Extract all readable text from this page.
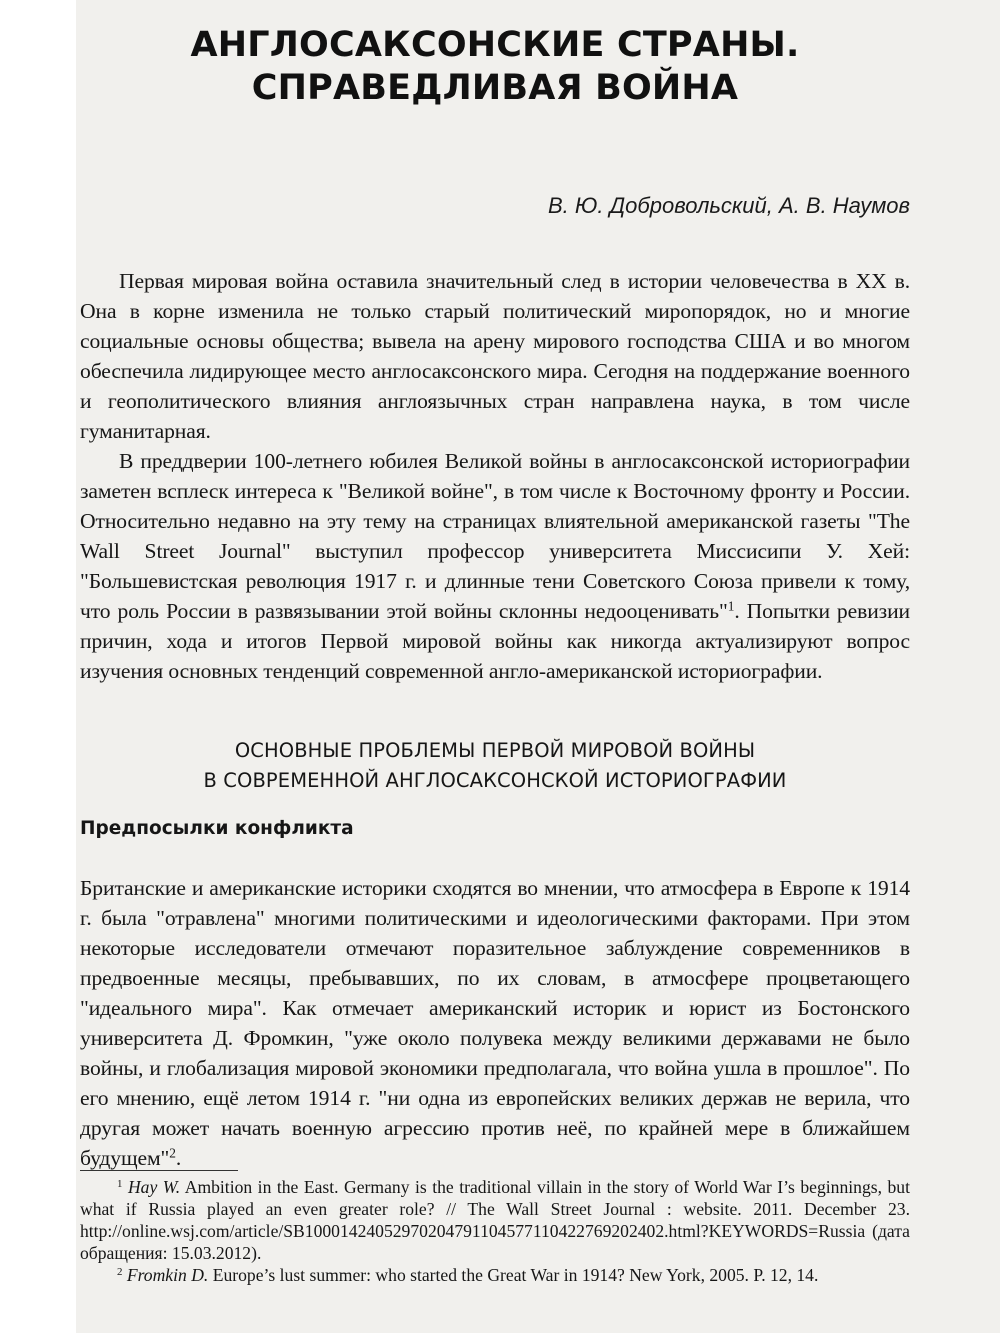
АНГЛОСАКСОНСКИЕ СТРАНЫ.
СПРАВЕДЛИВАЯ ВОЙНА

В. Ю. Добровольский, А. В. Наумов

Первая мировая война оставила значительный след в истории человечества в XX в. Она в корне изменила не только старый политический миропорядок, но и многие социальные основы общества; вывела на арену мирового господства США и во многом обеспечила лидирующее место англосаксонского мира. Сегодня на поддержание военного и геополитического влияния англоязычных стран направлена наука, в том числе гуманитарная.

В преддверии 100-летнего юбилея Великой войны в англосаксонской историографии заметен всплеск интереса к "Великой войне", в том числе к Восточному фронту и России. Относительно недавно на эту тему на страницах влиятельной американской газеты "The Wall Street Journal" выступил профессор университета Миссисипи У. Хей: "Большевистская революция 1917 г. и длинные тени Советского Союза привели к тому, что роль России в развязывании этой войны склонны недооценивать"$^1$. Попытки ревизии причин, хода и итогов Первой мировой войны как никогда актуализируют вопрос изучения основных тенденций современной англо-американской историографии.

ОСНОВНЫЕ ПРОБЛЕМЫ ПЕРВОЙ МИРОВОЙ ВОЙНЫ
В СОВРЕМЕННОЙ АНГЛОСАКСОНСКОЙ ИСТОРИОГРАФИИ
Предпосылки конфликта

Британские и американские историки сходятся во мнении, что атмосфера в Европе к 1914 г. была "отравлена" многими политическими и идеологическими факторами. При этом некоторые исследователи отмечают поразительное заблуждение современников в предвоенные месяцы, пребывавших, по их словам, в атмосфере процветающего "идеального мира". Как отмечает американский историк и юрист из Бостонского университета Д. Фромкин, "уже около полувека между великими державами не было войны, и глобализация мировой экономики предполагала, что война ушла в прошлое". По его мнению, ещё летом 1914 г. "ни одна из европейских великих держав не верила, что другая может начать военную агрессию против неё, по крайней мере в ближайшем будущем"$^2$.

$^1$ Hay W. Ambition in the East. Germany is the traditional villain in the story of World War I’s beginnings, but what if Russia played an even greater role? // The Wall Street Journal : website. 2011. December 23. http://online.wsj.com/article/SB10001424052970204791104577110422769202402.html?KEYWORDS=Russia (дата обращения: 15.03.2012).

$^2$ Fromkin D. Europe’s lust summer: who started the Great War in 1914? New York, 2005. P. 12, 14.
